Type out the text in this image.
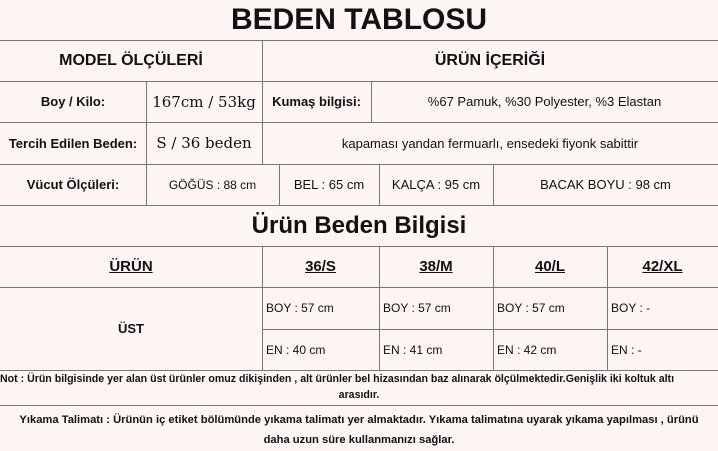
BEDEN TABLOSU
MODEL ÖLÇÜLERİ	ÜRÜN İÇERİĞİ
Boy / Kilo:	167cm / 53kg	Kumaş bilgisi:	%67 Pamuk, %30 Polyester, %3 Elastan
Tercih Edilen Beden:	S / 36 beden	kapaması yandan fermuarlı, ensedeki fiyonk sabittir
Vücut Ölçüleri:	GÖĞÜS : 88 cm	BEL : 65 cm	KALÇA : 95 cm	BACAK BOYU : 98 cm
Ürün Beden Bilgisi
ÜRÜN	36/S	38/M	40/L	42/XL
ÜST
BOY : 57 cm	BOY : 57 cm	BOY : 57 cm	BOY : -
EN : 40 cm	EN : 41 cm	EN : 42 cm	EN : -
Not : Ürün bilgisinde yer alan üst ürünler omuz dikişinden , alt ürünler bel hizasından baz alınarak ölçülmektedir.Genişlik iki koltuk altı
arasıdır.
Yıkama Talimatı : Ürünün iç etiket bölümünde yıkama talimatı yer almaktadır. Yıkama talimatına uyarak yıkama yapılması , ürünü
daha uzun süre kullanmanızı sağlar.
